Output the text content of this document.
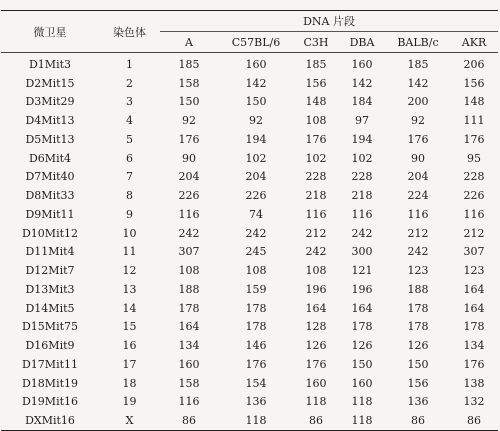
微卫星	染色体	DNA 片段					
		A	C57BL/6	C3H	DBA	BALB/c	AKR
D1Mit3	1	185	160	185	160	185	206
D2Mit15	2	158	142	156	142	142	156
D3Mit29	3	150	150	148	184	200	148
D4Mit13	4	92	92	108	97	92	111
D5Mit13	5	176	194	176	194	176	176
D6Mit4	6	90	102	102	102	90	95
D7Mit40	7	204	204	228	228	204	228
D8Mit33	8	226	226	218	218	224	226
D9Mit11	9	116	74	116	116	116	116
D10Mit12	10	242	242	212	242	212	212
D11Mit4	11	307	245	242	300	242	307
D12Mit7	12	108	108	108	121	123	123
D13Mit3	13	188	159	196	196	188	164
D14Mit5	14	178	178	164	164	178	164
D15Mit75	15	164	178	128	178	178	178
D16Mit9	16	134	146	126	126	126	134
D17Mit11	17	160	176	176	150	150	176
D18Mit19	18	158	154	160	160	156	138
D19Mit16	19	116	136	118	118	136	132
DXMit16	X	86	118	86	118	86	86
